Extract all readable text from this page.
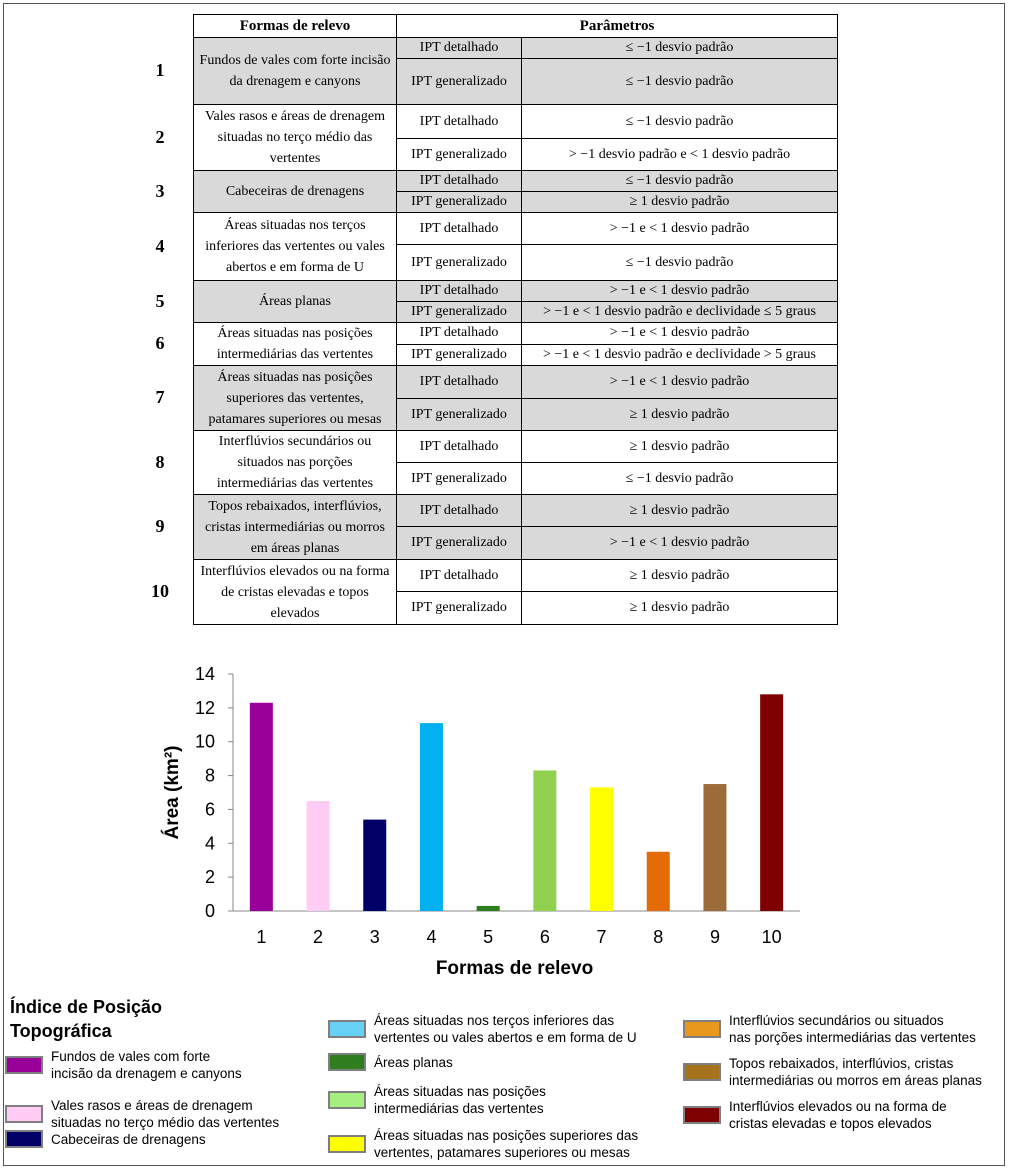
1
2
3
4
5
6
7
8
9
10
Formas de relevo	Parâmetros	
Fundos de vales com forte incisão da drenagem e canyons	IPT detalhado	≤ −1 desvio padrão
	IPT generalizado	≤ −1 desvio padrão
Vales rasos e áreas de drenagem situadas no terço médio das vertentes	IPT detalhado	≤ −1 desvio padrão
	IPT generalizado	> −1 desvio padrão e < 1 desvio padrão
Cabeceiras de drenagens	IPT detalhado	≤ −1 desvio padrão
	IPT generalizado	≥ 1 desvio padrão
Áreas situadas nos terços inferiores das vertentes ou vales abertos e em forma de U	IPT detalhado	> −1 e < 1 desvio padrão
	IPT generalizado	≤ −1 desvio padrão
Áreas planas	IPT detalhado	> −1 e < 1 desvio padrão
	IPT generalizado	> −1 e < 1 desvio padrão e declividade ≤ 5 graus
Áreas situadas nas posições intermediárias das vertentes	IPT detalhado	> −1 e < 1 desvio padrão
	IPT generalizado	> −1 e < 1 desvio padrão e declividade > 5 graus
Áreas situadas nas posições superiores das vertentes, patamares superiores ou mesas	IPT detalhado	> −1 e < 1 desvio padrão
	IPT generalizado	≥ 1 desvio padrão
Interflúvios secundários ou situados nas porções intermediárias das vertentes	IPT detalhado	≥ 1 desvio padrão
	IPT generalizado	≤ −1 desvio padrão
Topos rebaixados, interflúvios, cristas intermediárias ou morros em áreas planas	IPT detalhado	≥ 1 desvio padrão
	IPT generalizado	> −1 e < 1 desvio padrão
Interflúvios elevados ou na forma de cristas elevadas e topos elevados	IPT detalhado	≥ 1 desvio padrão
	IPT generalizado	≥ 1 desvio padrão
0
2
4
6
8
10
12
14
1	2	3	4	5	6	7	8	9 10
Formas de relevo
Área (km²)
Índice de Posição Topográfica
Fundos de vales com forte
incisão da drenagem e canyons
Vales rasos e áreas de drenagem
situadas no terço médio das vertentes
Cabeceiras de drenagens
Áreas situadas nos terços inferiores das
vertentes ou vales abertos e em forma de U
Áreas planas
Áreas situadas nas posições
intermediárias das vertentes
Áreas situadas nas posições superiores das
vertentes, patamares superiores ou mesas
Interflúvios secundários ou situados
nas porções intermediárias das vertentes
Topos rebaixados, interflúvios, cristas
intermediárias ou morros em áreas planas
Interflúvios elevados ou na forma de
cristas elevadas e topos elevados
